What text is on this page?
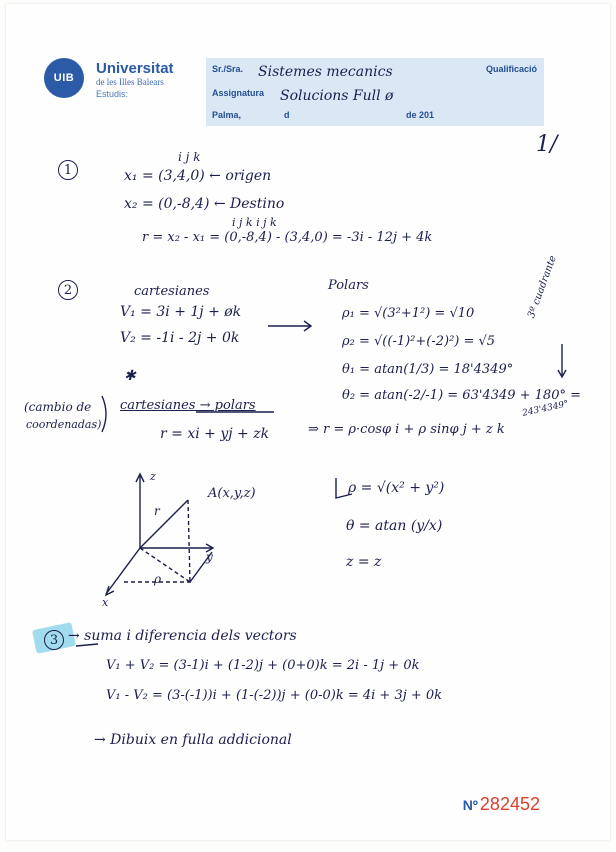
UIB
Universitat
de les Illes Balears
Estudis:
Sr./Sra.
Assignatura
Palma,	d	de 201
Qualificació
Sistemes mecanics
Solucions Full ø
1/
1
i j k
x₁ = (3,4,0) ← origen
x₂ = (0,-8,4) ← Destino
i j k i j k
r = x₂ - x₁ = (0,-8,4) - (3,4,0) = -3i - 12j + 4k
2	cartesianes	Polars
V₁ = 3i + 1j + øk
V₂ = -1i - 2j + 0k
ρ₁ = √(3²+1²) = √10
ρ₂ = √((-1)²+(-2)²) = √5
θ₁ = atan(1/3) = 18'4349°
θ₂ = atan(-2/-1) = 63'4349 + 180° =
243'4349°
3º cuadrante
✱
(cambio de
coordenadas)
cartesianes → polars
r = xi + yj + zk	⇒ r = ρ·cosφ i + ρ sinφ j + z k
ρ = √(x² + y²)
θ = atan (y/x)
z = z
A(x,y,z)
z
y
x
r
ρ
3 → suma i diferencia dels vectors
V₁ + V₂ = (3-1)i + (1-2)j + (0+0)k = 2i - 1j + 0k
V₁ - V₂ = (3-(-1))i + (1-(-2))j + (0-0)k = 4i + 3j + 0k
→ Dibuix en fulla addicional
Nº 282452
